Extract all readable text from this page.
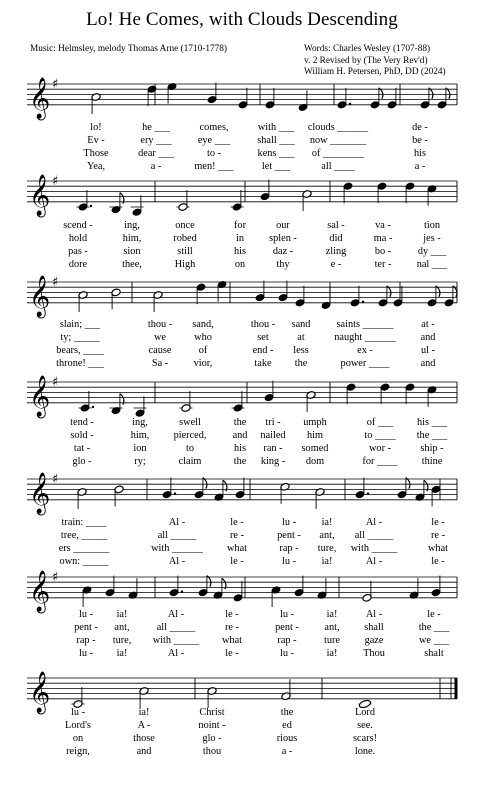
Lo! He Comes, with Clouds Descending
Music: Helmsley, melody Thomas Arne (1710-1778)	Words: Charles Wesley (1707-88)
v. 2 Revised by (The Very Rev'd)
William H. Petersen, PhD, DD (2024)
𝄞 ♯
lo!	he ___	comes,	with ___ clouds ______	de -
Ev -	ery ___	eye ___	shall ___ now _______	be -
Those	dear ___	to -	kens ___ of ________	his
Yea,	a -	men! ___	let ___	all ____	a -
𝄞 ♯
scend -	ing,	once	for	our	sal -	va -	tion
hold	him,	robed	in splen -	did	ma -	jes -
pas -	sion	still	his	daz -	zling	bo -	dy ___
dore	thee,	High	on	thy	e -	ter - nal ___
𝄞 ♯
slain; ___	thou - sand,	thou - sand	saints ______	at -
ty; _____	we	who	set	at	naught ______ and
bears, ____	cause	of	end - less	ex -	ul -
throne! ___	Sa - vior,	take the	power ____	and
𝄞 ♯
tend -	ing,	swell	the tri - umph	of ___ his ___
sold -	him, pierced,	and nailed him	to ____ the ___
tat -	ion	to	his ran - somed	wor -	ship -
glo -	ry;	claim	the king - dom	for ____ thine
𝄞 ♯
train: ____	Al -	le -	lu - ia!	Al -	le -
tree, _____	all _____	re -	pent - ant, all _____	re -
ers _______	with ______ what	rap - ture, with _____	what
own: _____	Al -	le -	lu - ia!	Al -	le -
𝄞 ♯
lu - ia!	Al -	le -	lu -	ia!	Al -	le -
pent - ant,	all _____	re -	pent - ant, shall	the ___
rap - ture, with _____ what	rap -	ture gaze	we ___
lu - ia!	Al -	le -	lu -	ia! Thou	shalt
𝄞 lu -	ia!	Christ	the	Lord
Lord's	A -	noint -	ed	see.
on	those	glo -	rious	scars!
reign,	and	thou	a -	lone.
